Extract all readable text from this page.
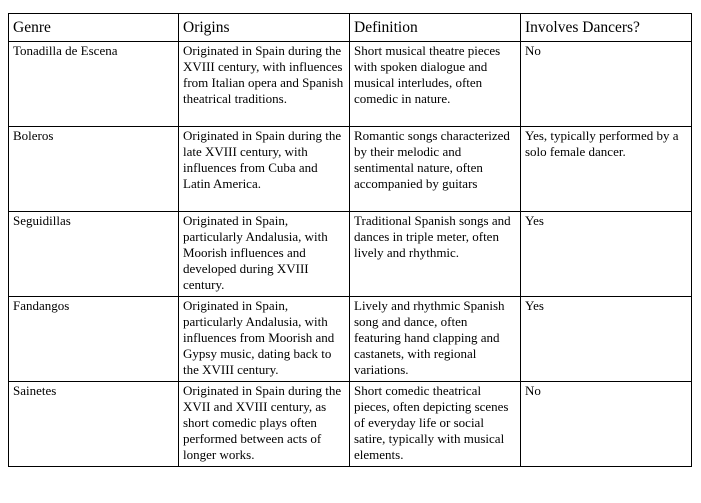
Genre	Origins	Definition	Involves Dancers?
Tonadilla de Escena	Originated in Spain during the XVIII century, with influences from Italian opera and Spanish theatrical traditions.	Short musical theatre pieces with spoken dialogue and musical interludes, often comedic in nature.	No
Boleros	Originated in Spain during the late XVIII century, with influences from Cuba and Latin America.	Romantic songs characterized by their melodic and sentimental nature, often accompanied by guitars	Yes, typically performed by a solo female dancer.
Seguidillas	Originated in Spain, particularly Andalusia, with Moorish influences and developed during XVIII century.	Traditional Spanish songs and dances in triple meter, often lively and rhythmic.	Yes
Fandangos	Originated in Spain, particularly Andalusia, with influences from Moorish and Gypsy music, dating back to the XVIII century.	Lively and rhythmic Spanish song and dance, often featuring hand clapping and castanets, with regional variations.	Yes
Sainetes	Originated in Spain during the XVII and XVIII century, as short comedic plays often performed between acts of longer works.	Short comedic theatrical pieces, often depicting scenes of everyday life or social satire, typically with musical elements.	No
